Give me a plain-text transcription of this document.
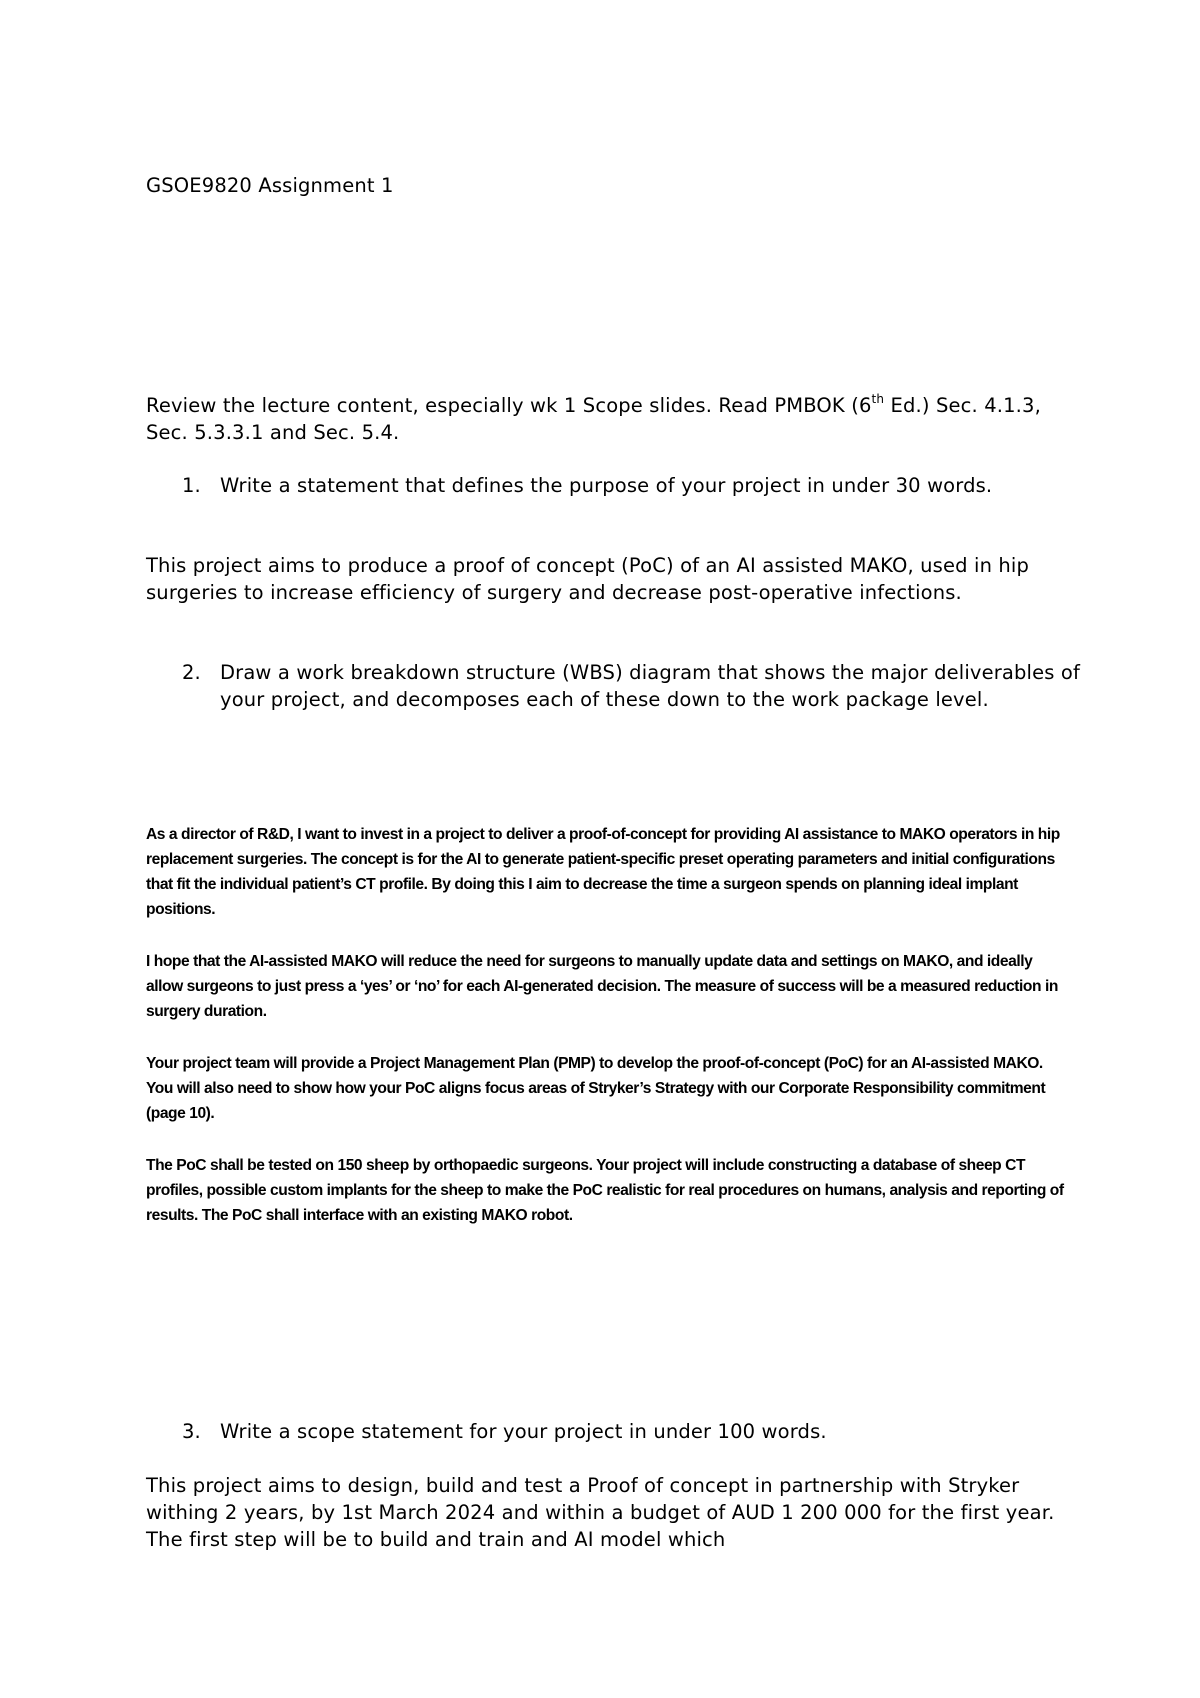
GSOE9820 Assignment 1
Review the lecture content, especially wk 1 Scope slides. Read PMBOK (6th Ed.) Sec. 4.1.3, Sec. 5.3.3.1 and Sec. 5.4.
1. Write a statement that defines the purpose of your project in under 30 words.
This project aims to produce a proof of concept (PoC) of an AI assisted MAKO, used in hip surgeries to increase efficiency of surgery and decrease post-operative infections.
2. Draw a work breakdown structure (WBS) diagram that shows the major deliverables of your project, and decomposes each of these down to the work package level.
As a director of R&D, I want to invest in a project to deliver a proof-of-concept for providing AI assistance to MAKO operators in hip replacement surgeries. The concept is for the AI to generate patient-specific preset operating parameters and initial configurations that fit the individual patient’s CT profile. By doing this I aim to decrease the time a surgeon spends on planning ideal implant positions.
I hope that the AI-assisted MAKO will reduce the need for surgeons to manually update data and settings on MAKO, and ideally allow surgeons to just press a ‘yes’ or ‘no’ for each AI-generated decision. The measure of success will be a measured reduction in surgery duration.
Your project team will provide a Project Management Plan (PMP) to develop the proof-of-concept (PoC) for an AI-assisted MAKO. You will also need to show how your PoC aligns focus areas of Stryker’s Strategy with our Corporate Responsibility commitment (page 10).
The PoC shall be tested on 150 sheep by orthopaedic surgeons. Your project will include constructing a database of sheep CT profiles, possible custom implants for the sheep to make the PoC realistic for real procedures on humans, analysis and reporting of results. The PoC shall interface with an existing MAKO robot.
3. Write a scope statement for your project in under 100 words.
This project aims to design, build and test a Proof of concept in partnership with Stryker withing 2 years, by 1st March 2024 and within a budget of AUD 1 200 000 for the first year. The first step will be to build and train and AI model which
